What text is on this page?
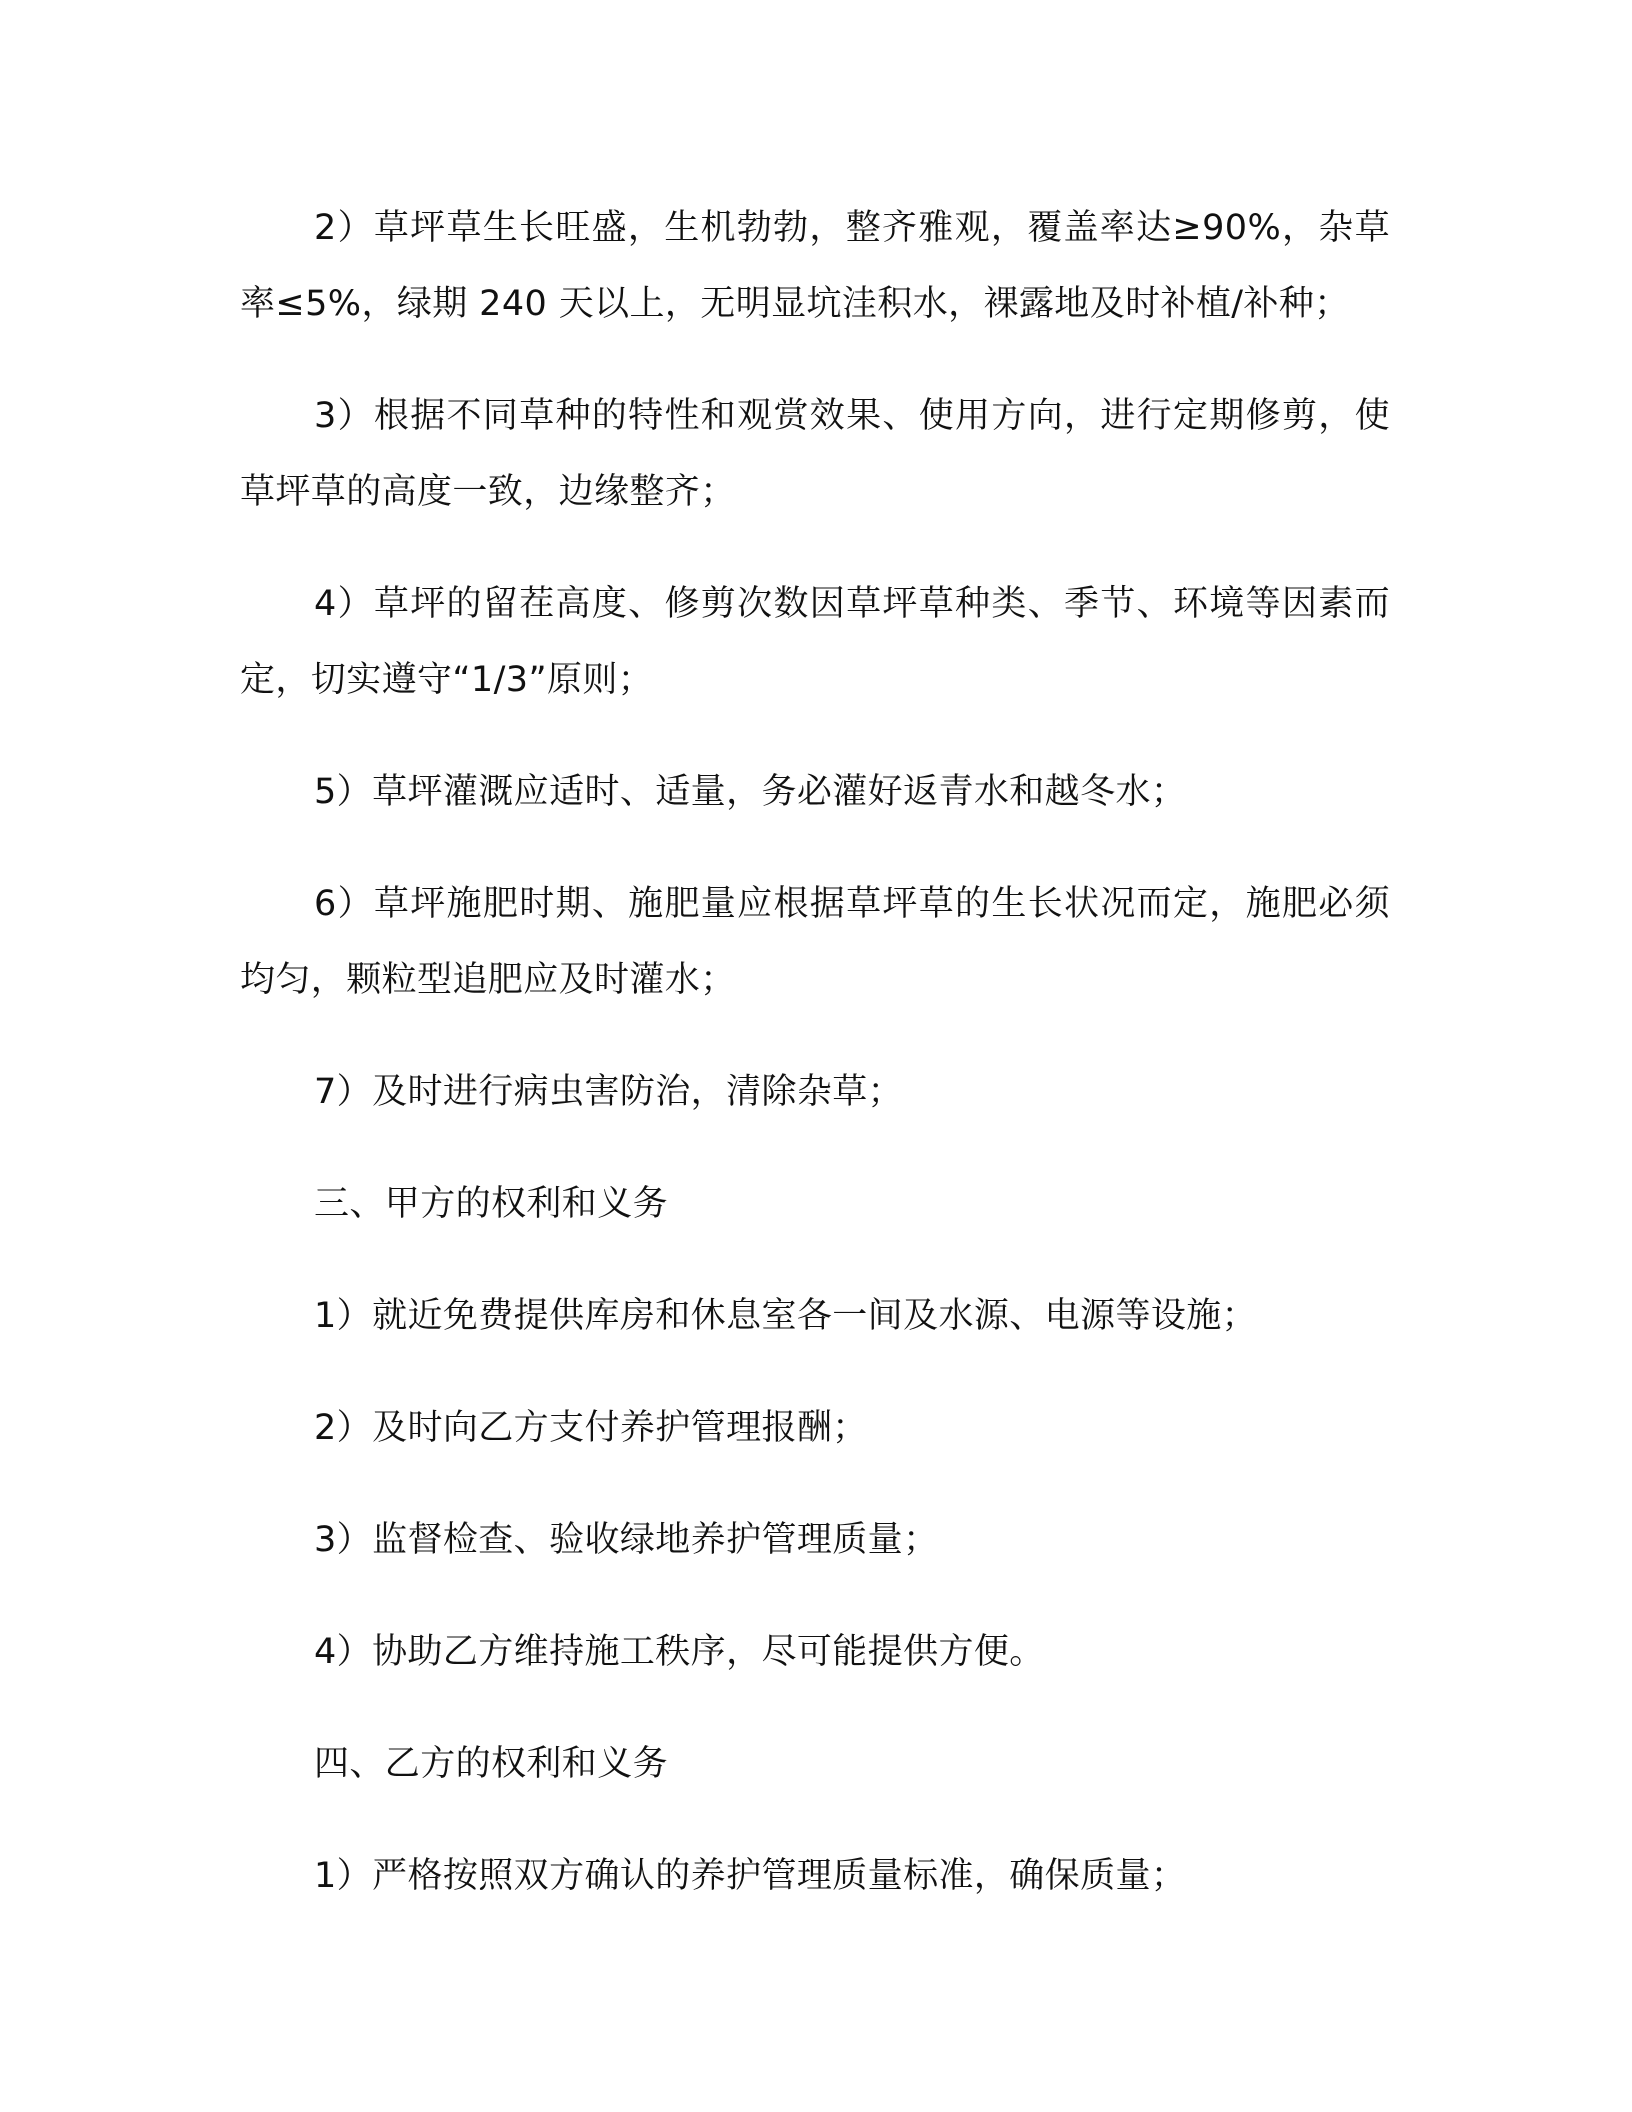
2）草坪草生长旺盛，生机勃勃，整齐雅观，覆盖率达≥90%，杂草率≤5%，绿期 240 天以上，无明显坑洼积水，裸露地及时补植/补种；

3）根据不同草种的特性和观赏效果、使用方向，进行定期修剪，使草坪草的高度一致，边缘整齐；

4）草坪的留茬高度、修剪次数因草坪草种类、季节、环境等因素而定，切实遵守“1/3”原则；

5）草坪灌溉应适时、适量，务必灌好返青水和越冬水；

6）草坪施肥时期、施肥量应根据草坪草的生长状况而定，施肥必须均匀，颗粒型追肥应及时灌水；

7）及时进行病虫害防治，清除杂草；

三、甲方的权利和义务

1）就近免费提供库房和休息室各一间及水源、电源等设施；

2）及时向乙方支付养护管理报酬；

3）监督检查、验收绿地养护管理质量；

4）协助乙方维持施工秩序，尽可能提供方便。

四、乙方的权利和义务

1）严格按照双方确认的养护管理质量标准，确保质量；
